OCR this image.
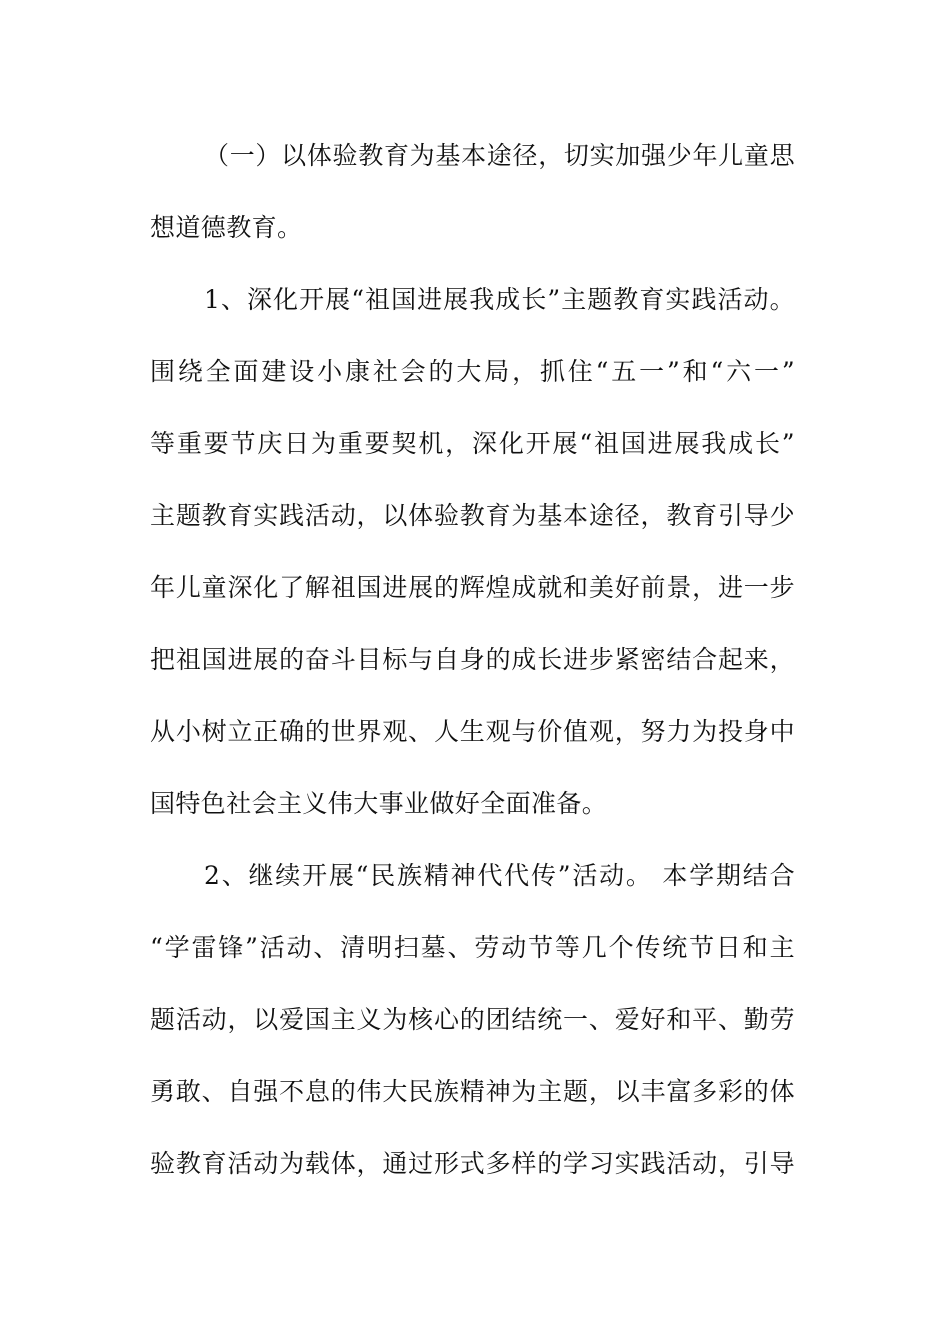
（一）以体验教育为基本途径，切实加强少年儿童思
想道德教育。
1、深化开展“祖国进展我成长”主题教育实践活动。
围绕全面建设小康社会的大局，抓住“五一”和“六一”
等重要节庆日为重要契机，深化开展“祖国进展我成长”
主题教育实践活动，以体验教育为基本途径，教育引导少
年儿童深化了解祖国进展的辉煌成就和美好前景，进一步
把祖国进展的奋斗目标与自身的成长进步紧密结合起来，
从小树立正确的世界观、人生观与价值观，努力为投身中
国特色社会主义伟大事业做好全面准备。
2、继续开展“民族精神代代传”活动。 本学期结合
“学雷锋”活动、清明扫墓、劳动节等几个传统节日和主
题活动，以爱国主义为核心的团结统一、爱好和平、勤劳
勇敢、自强不息的伟大民族精神为主题，以丰富多彩的体
验教育活动为载体，通过形式多样的学习实践活动，引导
